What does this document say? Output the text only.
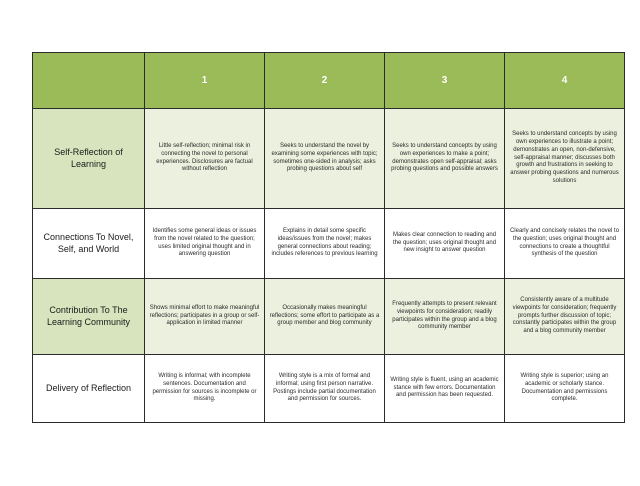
	1	2	3	4
Self-Reflection of Learning	Little self-reflection; minimal risk in connecting the novel to personal experiences. Disclosures are factual without reflection	Seeks to understand the novel by examining some experiences with topic; sometimes one-sided in analysis; asks probing questions about self	Seeks to understand concepts by using own experiences to make a point; demonstrates open self-appraisal; asks probing questions and possible answers	Seeks to understand concepts by using own experiences to illustrate a point; demonstrates an open, non-defensive, self-appraisal manner; discusses both growth and frustrations in seeking to answer probing questions and numerous solutions
Connections To Novel, Self, and World	Identifies some general ideas or issues from the novel related to the question; uses limited original thought and in answering question	Explains in detail some specific ideas/issues from the novel; makes general connections about reading; includes references to previous learning	Makes clear connection to reading and the question; uses original thought and new insight to answer question	Clearly and concisely relates the novel to the question; uses original thought and connections to create a thoughtful synthesis of the question
Contribution To The Learning Community	Shows minimal effort to make meaningful reflections; participates in a group or self-application in limited manner	Occasionally makes meaningful reflections; some effort to participate as a group member and blog community	Frequently attempts to present relevant viewpoints for consideration; readily participates within the group and a blog community member	Consistently aware of a multitude viewpoints for consideration; frequently prompts further discussion of topic; constantly participates within the group and a blog community member
Delivery of Reflection	Writing is informal; with incomplete sentences. Documentation and permission for sources is incomplete or missing.	Writing style is a mix of formal and informal; using first person narrative. Postings include partial documentation and permission for sources.	Writing style is fluent, using an academic stance with few errors. Documentation and permission has been requested.	Writing style is superior; using an academic or scholarly stance. Documentation and permissions complete.
